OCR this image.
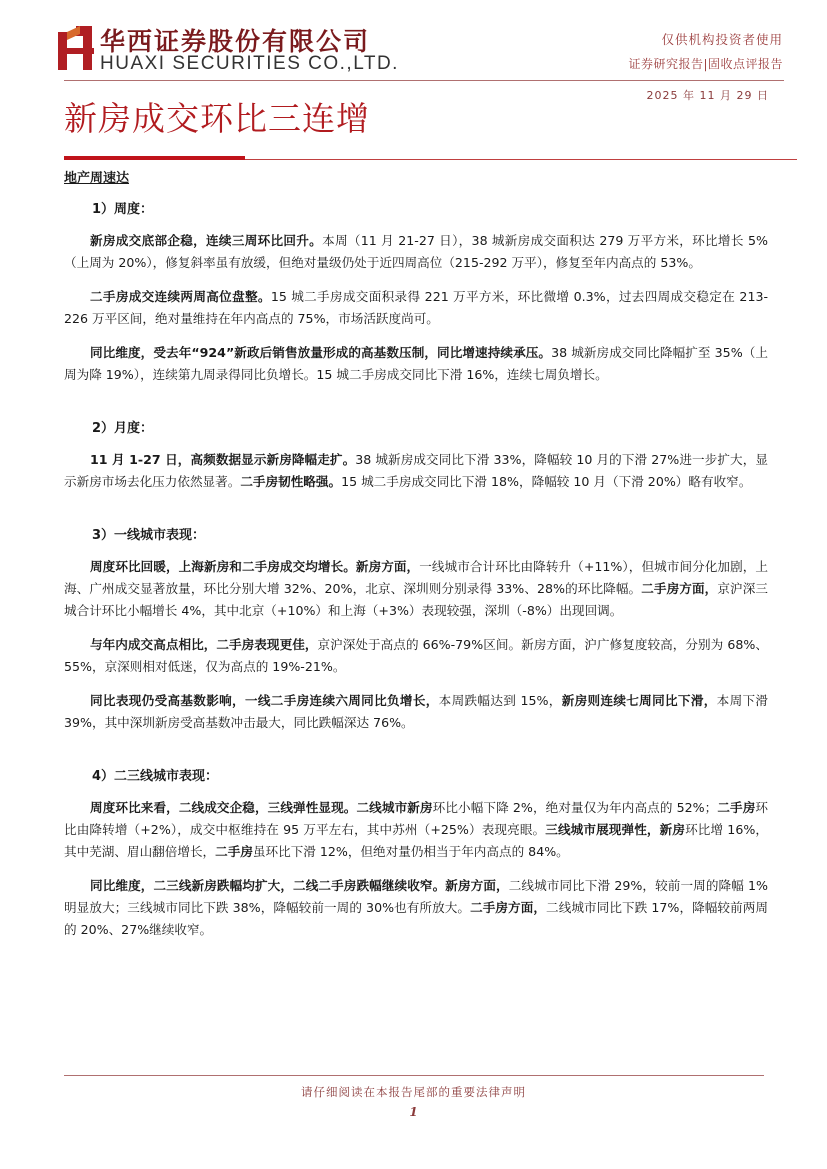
华西证券股份有限公司
HUAXI SECURITIES CO.,LTD.
仅供机构投资者使用
证券研究报告|固收点评报告
2025 年 11 月 29 日
新房成交环比三连增

地产周速达

1）周度：

新房成交底部企稳，连续三周环比回升。本周（11 月 21-27 日），38 城新房成交面积达 279 万平方米，环比增长 5%（上周为 20%），修复斜率虽有放缓，但绝对量级仍处于近四周高位（215-292 万平），修复至年内高点的 53%。

二手房成交连续两周高位盘整。15 城二手房成交面积录得 221 万平方米，环比微增 0.3%，过去四周成交稳定在 213-226 万平区间，绝对量维持在年内高点的 75%，市场活跃度尚可。

同比维度，受去年“924”新政后销售放量形成的高基数压制，同比增速持续承压。38 城新房成交同比降幅扩至 35%（上周为降 19%），连续第九周录得同比负增长。15 城二手房成交同比下滑 16%，连续七周负增长。

2）月度：

11 月 1-27 日，高频数据显示新房降幅走扩。38 城新房成交同比下滑 33%，降幅较 10 月的下滑 27%进一步扩大，显示新房市场去化压力依然显著。二手房韧性略强。15 城二手房成交同比下滑 18%，降幅较 10 月（下滑 20%）略有收窄。

3）一线城市表现：

周度环比回暖，上海新房和二手房成交均增长。新房方面，一线城市合计环比由降转升（+11%），但城市间分化加剧，上海、广州成交显著放量，环比分别大增 32%、20%，北京、深圳则分别录得 33%、28%的环比降幅。二手房方面，京沪深三城合计环比小幅增长 4%，其中北京（+10%）和上海（+3%）表现较强，深圳（-8%）出现回调。

与年内成交高点相比，二手房表现更佳，京沪深处于高点的 66%-79%区间。新房方面，沪广修复度较高，分别为 68%、55%，京深则相对低迷，仅为高点的 19%-21%。

同比表现仍受高基数影响，一线二手房连续六周同比负增长，本周跌幅达到 15%，新房则连续七周同比下滑，本周下滑 39%，其中深圳新房受高基数冲击最大，同比跌幅深达 76%。

4）二三线城市表现：

周度环比来看，二线成交企稳，三线弹性显现。二线城市新房环比小幅下降 2%，绝对量仅为年内高点的 52%；二手房环比由降转增（+2%），成交中枢维持在 95 万平左右，其中苏州（+25%）表现亮眼。三线城市展现弹性，新房环比增 16%，其中芜湖、眉山翻倍增长，二手房虽环比下滑 12%，但绝对量仍相当于年内高点的 84%。

同比维度，二三线新房跌幅均扩大，二线二手房跌幅继续收窄。新房方面，二线城市同比下滑 29%，较前一周的降幅 1%明显放大；三线城市同比下跌 38%，降幅较前一周的 30%也有所放大。二手房方面，二线城市同比下跌 17%，降幅较前两周的 20%、27%继续收窄。

请仔细阅读在本报告尾部的重要法律声明
1
